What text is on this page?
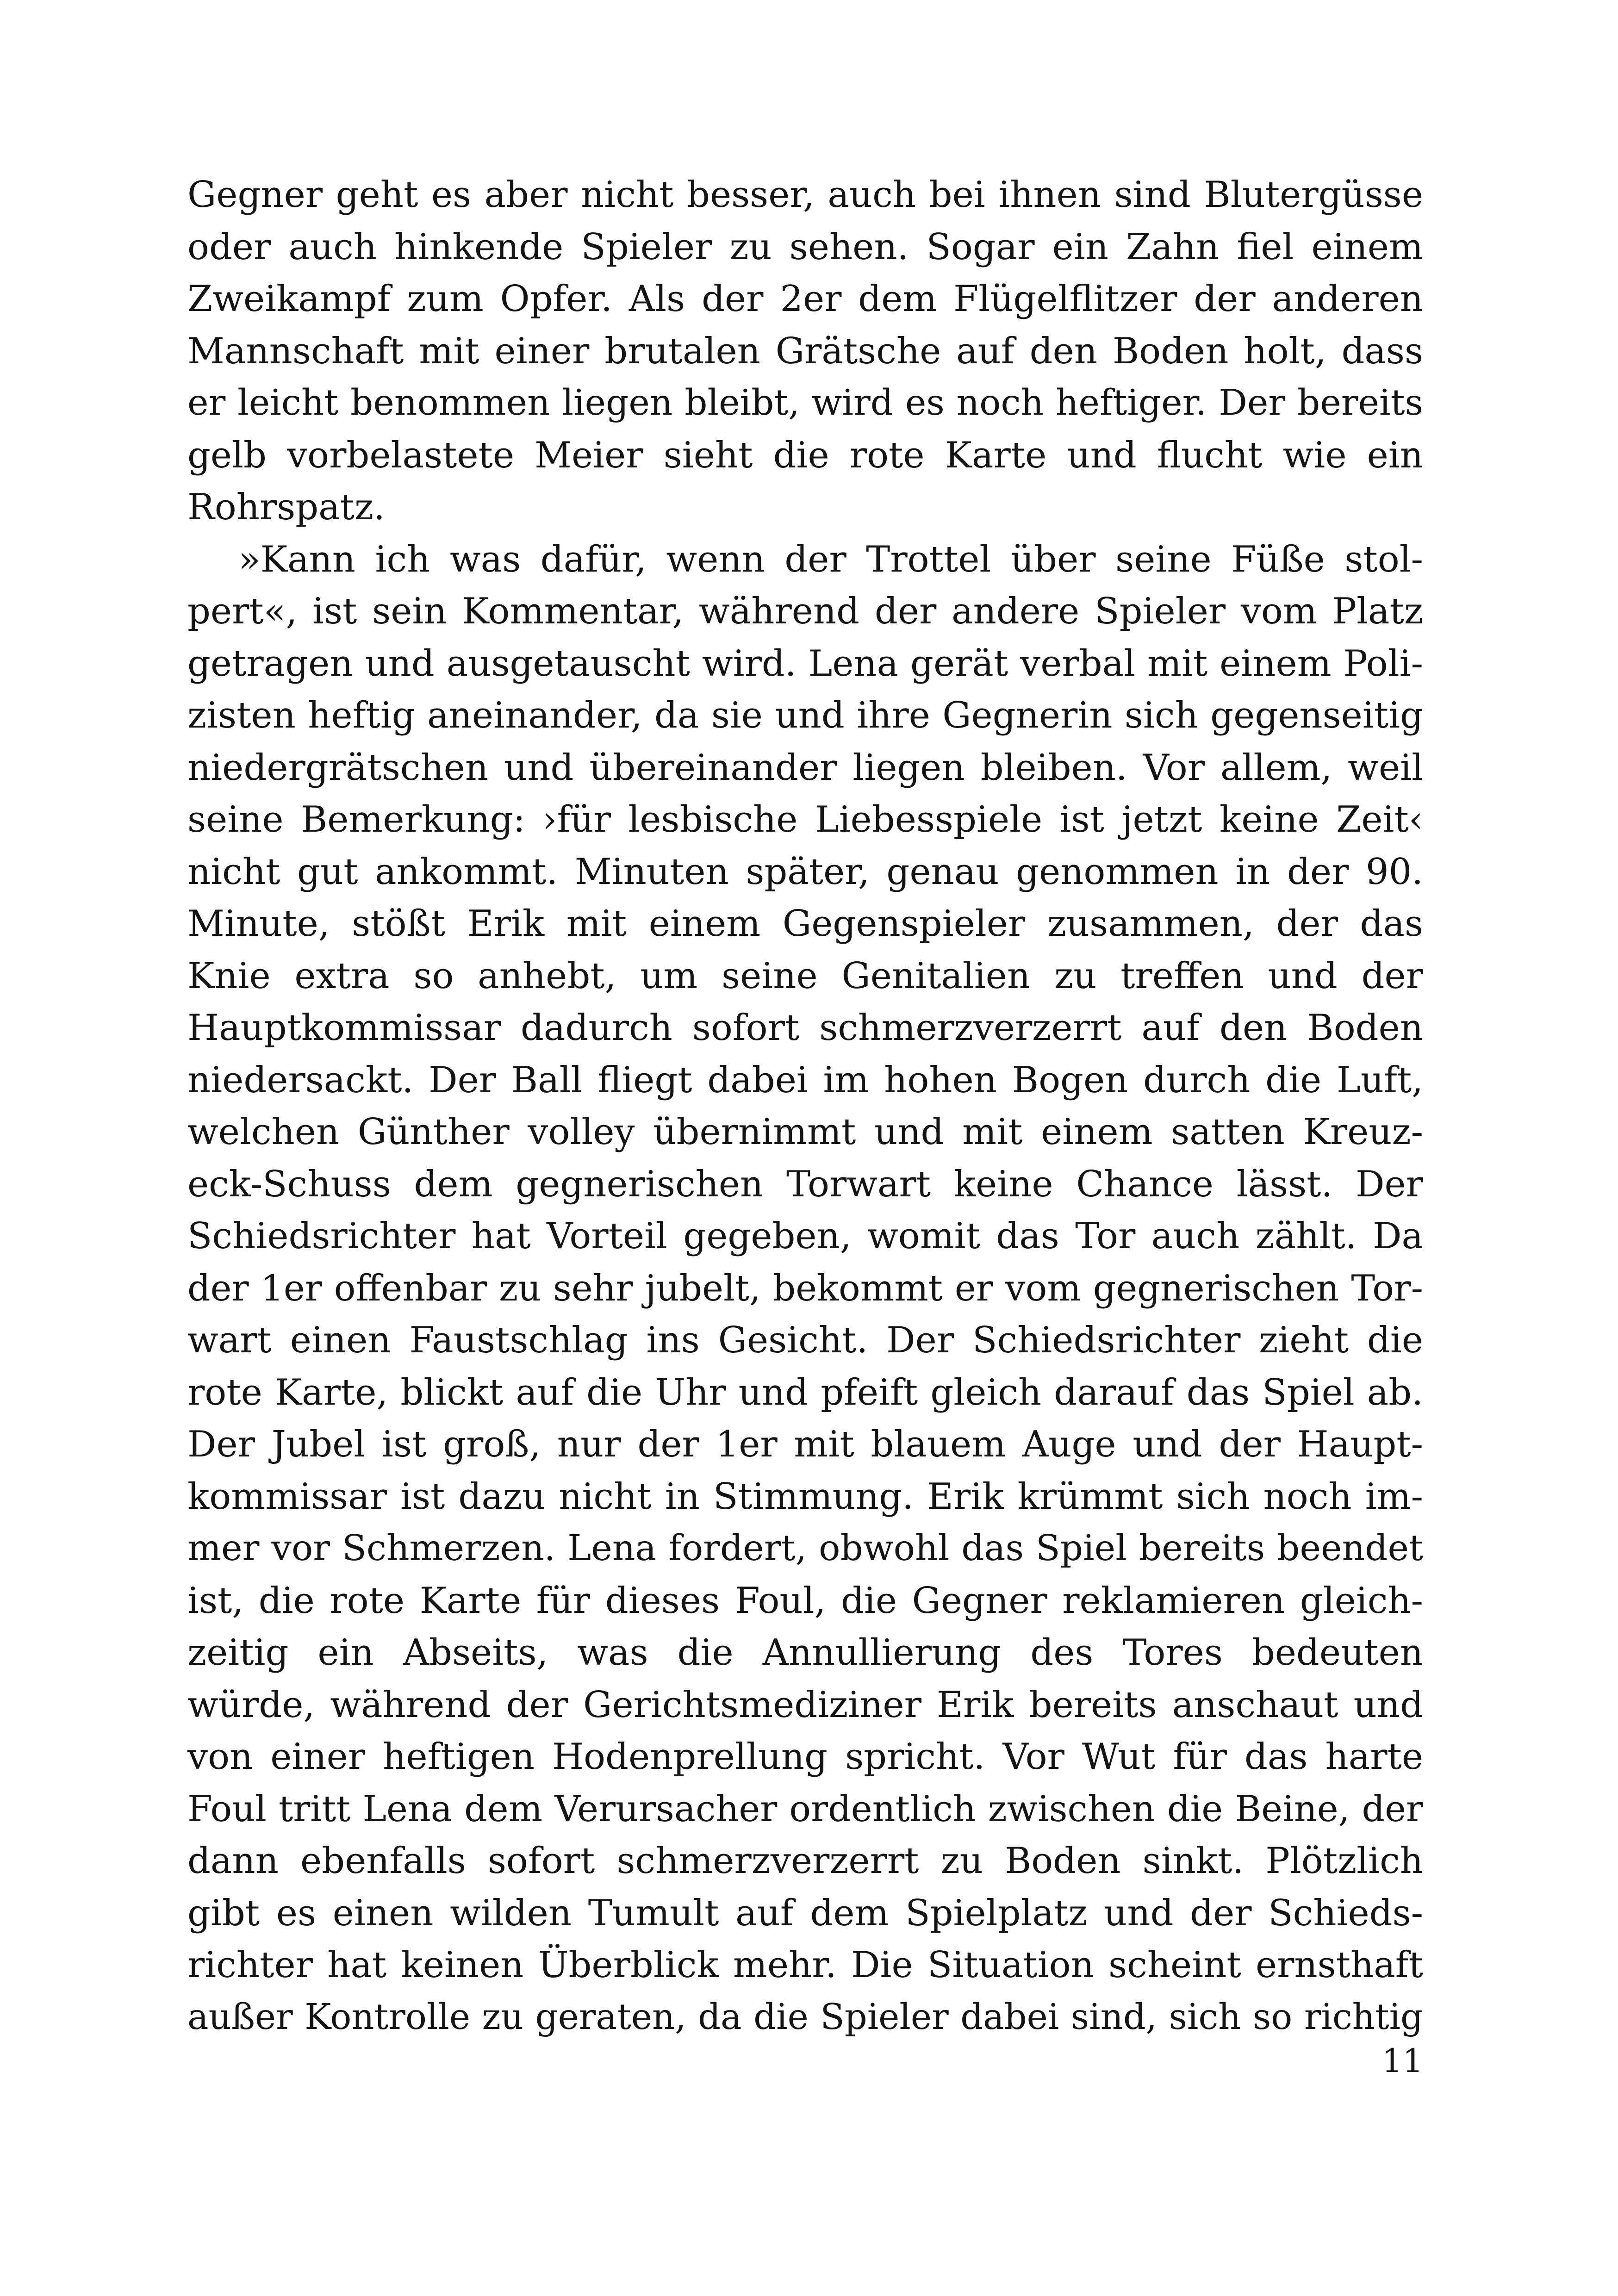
Gegner geht es aber nicht besser, auch bei ihnen sind Blutergüsse
oder auch hinkende Spieler zu sehen. Sogar ein Zahn fiel einem
Zweikampf zum Opfer. Als der 2er dem Flügelflitzer der anderen
Mannschaft mit einer brutalen Grätsche auf den Boden holt, dass
er leicht benommen liegen bleibt, wird es noch heftiger. Der bereits
gelb vorbelastete Meier sieht die rote Karte und flucht wie ein
Rohrspatz.
»Kann ich was dafür, wenn der Trottel über seine Füße stol-
pert«, ist sein Kommentar, während der andere Spieler vom Platz
getragen und ausgetauscht wird. Lena gerät verbal mit einem Poli-
zisten heftig aneinander, da sie und ihre Gegnerin sich gegenseitig
niedergrätschen und übereinander liegen bleiben. Vor allem, weil
seine Bemerkung: ›für lesbische Liebesspiele ist jetzt keine Zeit‹
nicht gut ankommt. Minuten später, genau genommen in der 90.
Minute, stößt Erik mit einem Gegenspieler zusammen, der das
Knie extra so anhebt, um seine Genitalien zu treffen und der
Hauptkommissar dadurch sofort schmerzverzerrt auf den Boden
niedersackt. Der Ball fliegt dabei im hohen Bogen durch die Luft,
welchen Günther volley übernimmt und mit einem satten Kreuz-
eck-Schuss dem gegnerischen Torwart keine Chance lässt. Der
Schiedsrichter hat Vorteil gegeben, womit das Tor auch zählt. Da
der 1er offenbar zu sehr jubelt, bekommt er vom gegnerischen Tor-
wart einen Faustschlag ins Gesicht. Der Schiedsrichter zieht die
rote Karte, blickt auf die Uhr und pfeift gleich darauf das Spiel ab.
Der Jubel ist groß, nur der 1er mit blauem Auge und der Haupt-
kommissar ist dazu nicht in Stimmung. Erik krümmt sich noch im-
mer vor Schmerzen. Lena fordert, obwohl das Spiel bereits beendet
ist, die rote Karte für dieses Foul, die Gegner reklamieren gleich-
zeitig ein Abseits, was die Annullierung des Tores bedeuten
würde, während der Gerichtsmediziner Erik bereits anschaut und
von einer heftigen Hodenprellung spricht. Vor Wut für das harte
Foul tritt Lena dem Verursacher ordentlich zwischen die Beine, der
dann ebenfalls sofort schmerzverzerrt zu Boden sinkt. Plötzlich
gibt es einen wilden Tumult auf dem Spielplatz und der Schieds-
richter hat keinen Überblick mehr. Die Situation scheint ernsthaft
außer Kontrolle zu geraten, da die Spieler dabei sind, sich so richtig
11
